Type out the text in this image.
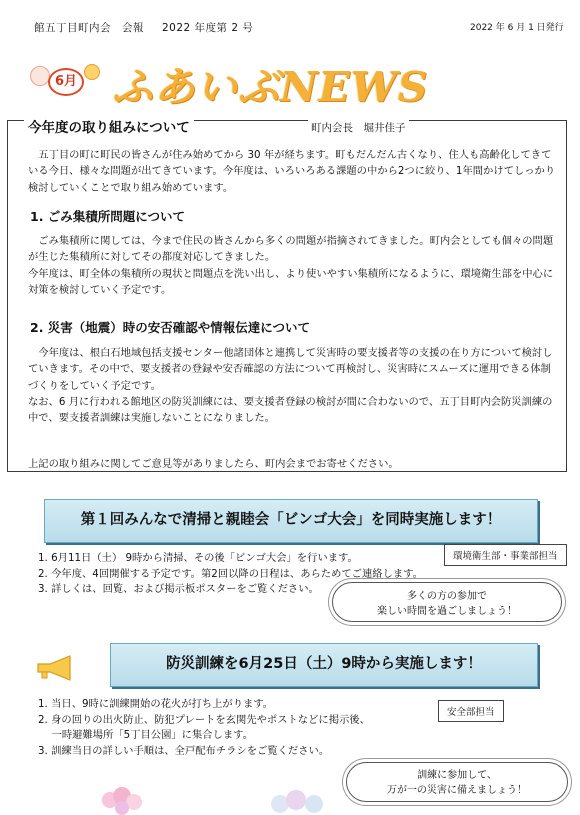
館五丁目町内会　会報 2022 年度第 2 号	2022 年 6 月 1 日発行
6月 ふあいぶNEWS
今年度の取り組みについて	町内会長　堀井佳子
　五丁目の町に町民の皆さんが住み始めてから 30 年が経ちます。町もだんだん古くなり、住人も高齢化してきている今日、様々な問題が出てきています。今年度は、いろいろある課題の中から2つに絞り、1年間かけてしっかり検討していくことで取り組み始めています。
1. ごみ集積所問題について
　ごみ集積所に関しては、今まで住民の皆さんから多くの問題が指摘されてきました。町内会としても個々の問題が生じた集積所に対してその都度対応してきました。
今年度は、町全体の集積所の現状と問題点を洗い出し、より使いやすい集積所になるように、環境衛生部を中心に対策を検討していく予定です。
2. 災害（地震）時の安否確認や情報伝達について
　今年度は、根白石地域包括支援センター他諸団体と連携して災害時の要支援者等の支援の在り方について検討していきます。その中で、要支援者の登録や安否確認の方法について再検討し、災害時にスムーズに運用できる体制づくりをしていく予定です。
なお、6 月に行われる館地区の防災訓練には、要支援者登録の検討が間に合わないので、五丁目町内会防災訓練の中で、要支援者訓練は実施しないことになりました。
上記の取り組みに関してご意見等がありましたら、町内会までお寄せください。
第１回みんなで清掃と親睦会「ビンゴ大会」を同時実施します！
1. 6月11日（土） 9時から清掃、その後「ビンゴ大会」を行います。
2. 今年度、4回開催する予定です。第2回以降の日程は、あらためてご連絡します。
3. 詳しくは、回覧、および掲示板ポスターをご覧ください。
環境衛生部・事業部担当
多くの方の参加で
楽しい時間を過ごしましょう！
防災訓練を6月25日（土）9時から実施します！
1. 当日、9時に訓練開始の花火が打ち上がります。
2. 身の回りの出火防止、防犯プレートを玄関先やポストなどに掲示後、
　 一時避難場所「5丁目公園」に集合します。
3. 訓練当日の詳しい手順は、全戸配布チラシをご覧ください。
安全部担当
訓練に参加して、
万が一の災害に備えましょう！
